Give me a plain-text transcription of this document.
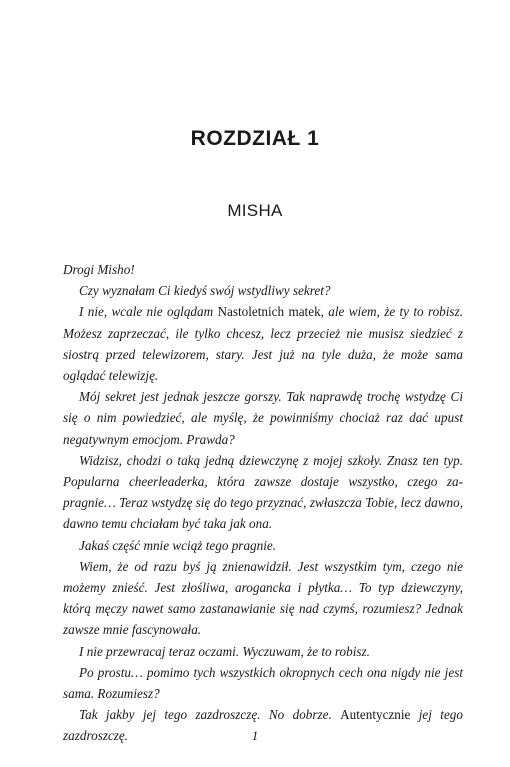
ROZDZIAŁ 1
MISHA

Drogi Misho!

Czy wyznałam Ci kiedyś swój wstydliwy sekret?

I nie, wcale nie oglądam Nastoletnich matek, ale wiem, że ty to robisz. Możesz zaprzeczać, ile tylko chcesz, lecz przecież nie musisz siedzieć z siostrą przed telewizorem, stary. Jest już na tyle duża, że może sama oglądać telewizję.

Mój sekret jest jednak jeszcze gorszy. Tak naprawdę trochę wstydzę Ci się o nim powiedzieć, ale myślę, że powinniśmy chociaż raz dać upust negatywnym emocjom. Prawda?

Widzisz, chodzi o taką jedną dziewczynę z mojej szkoły. Znasz ten typ. Popularna cheerleaderka, która zawsze dostaje wszystko, czego zapragnie… Teraz wstydzę się do tego przyznać, zwłaszcza Tobie, lecz dawno, dawno temu chciałam być taka jak ona.

Jakaś część mnie wciąż tego pragnie.

Wiem, że od razu byś ją znienawidził. Jest wszystkim tym, czego nie możemy znieść. Jest złośliwa, arogancka i płytka… To typ dziewczyny, którą męczy nawet samo zastanawianie się nad czymś, rozumiesz? Jednak zawsze mnie fascynowała.

I nie przewracaj teraz oczami. Wyczuwam, że to robisz.

Po prostu… pomimo tych wszystkich okropnych cech ona nigdy nie jest sama. Rozumiesz?

Tak jakby jej tego zazdroszczę. No dobrze. Autentycznie jej tego zazdroszczę.	1
